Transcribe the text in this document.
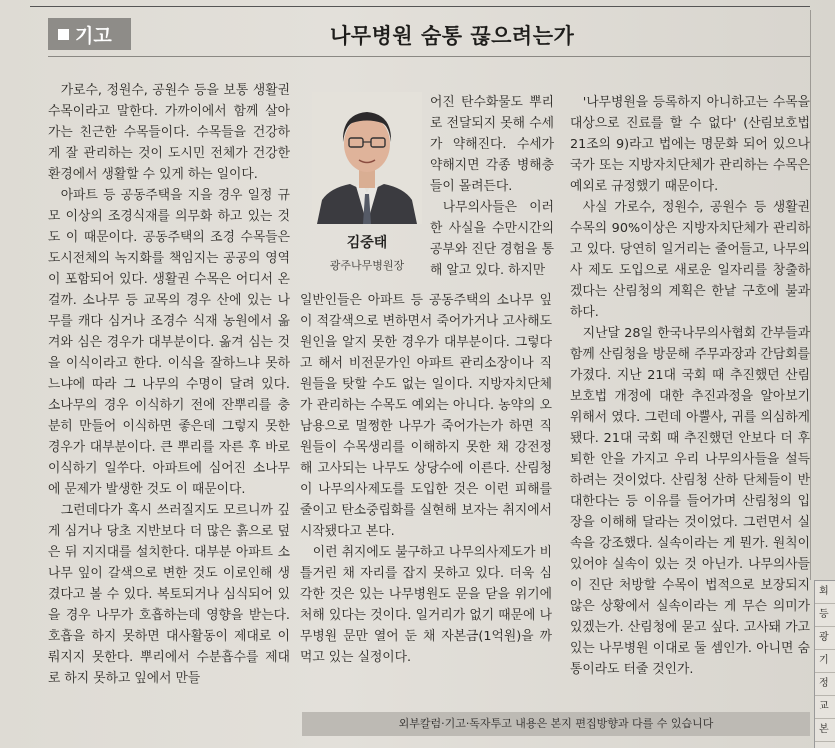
기고	나무병원 숨통 끊으려는가

가로수, 정원수, 공원수 등을 보통 생활권수목이라고 말한다. 가까이에서 함께 살아가는 친근한 수목들이다. 수목들을 건강하게 잘 관리하는 것이 도시민 전체가 건강한 환경에서 생활할 수 있게 하는 일이다.

아파트 등 공동주택을 지을 경우 일정 규모 이상의 조경식재를 의무화 하고 있는 것도 이 때문이다. 공동주택의 조경 수목들은 도시전체의 녹지화를 책임지는 공공의 영역이 포함되어 있다. 생활권 수목은 어디서 온 걸까. 소나무 등 교목의 경우 산에 있는 나무를 캐다 심거나 조경수 식재 농원에서 옮겨와 심은 경우가 대부분이다. 옮겨 심는 것을 이식이라고 한다. 이식을 잘하느냐 못하느냐에 따라 그 나무의 수명이 달려 있다. 소나무의 경우 이식하기 전에 잔뿌리를 충분히 만들어 이식하면 좋은데 그렇지 못한 경우가 대부분이다. 큰 뿌리를 자른 후 바로 이식하기 일쑤다. 아파트에 심어진 소나무에 문제가 발생한 것도 이 때문이다.

그런데다가 혹시 쓰러질지도 모르니까 깊게 심거나 당초 지반보다 더 많은 흙으로 덮은 뒤 지지대를 설치한다. 대부분 아파트 소나무 잎이 갈색으로 변한 것도 이로인해 생겼다고 볼 수 있다. 복토되거나 심식되어 있을 경우 나무가 호흡하는데 영향을 받는다. 호흡을 하지 못하면 대사활동이 제대로 이뤄지지 못한다. 뿌리에서 수분흡수를 제대로 하지 못하고 잎에서 만들

김중태
광주나무병원장

어진 탄수화물도 뿌리로 전달되지 못해 수세가 약해진다. 수세가 약해지면 각종 병해충들이 몰려든다.

나무의사들은 이러한 사실을 수만시간의 공부와 진단 경험을 통해 알고 있다. 하지만

일반인들은 아파트 등 공동주택의 소나무 잎이 적갈색으로 변하면서 죽어가거나 고사해도 원인을 알지 못한 경우가 대부분이다. 그렇다고 해서 비전문가인 아파트 관리소장이나 직원들을 탓할 수도 없는 일이다. 지방자치단체가 관리하는 수목도 예외는 아니다. 농약의 오남용으로 멀쩡한 나무가 죽어가는가 하면 직원들이 수목생리를 이해하지 못한 채 강전정해 고사되는 나무도 상당수에 이른다. 산림청이 나무의사제도를 도입한 것은 이런 피해를 줄이고 탄소중립화를 실현해 보자는 취지에서 시작됐다고 본다.

이런 취지에도 불구하고 나무의사제도가 비틀거린 채 자리를 잡지 못하고 있다. 더욱 심각한 것은 있는 나무병원도 문을 닫을 위기에 처해 있다는 것이다. 일거리가 없기 때문에 나무병원 문만 열어 둔 채 자본금(1억원)을 까먹고 있는 실정이다.

'나무병원을 등록하지 아니하고는 수목을 대상으로 진료를 할 수 없다' (산림보호법 21조의 9)라고 법에는 명문화 되어 있으나 국가 또는 지방자치단체가 관리하는 수목은 예외로 규정했기 때문이다.

사실 가로수, 정원수, 공원수 등 생활권 수목의 90%이상은 지방자치단체가 관리하고 있다. 당연히 일거리는 줄어들고, 나무의사 제도 도입으로 새로운 일자리를 창출하겠다는 산림청의 계획은 한낱 구호에 불과하다.

지난달 28일 한국나무의사협회 간부들과 함께 산림청을 방문해 주무과장과 간담회를 가졌다. 지난 21대 국회 때 추진했던 산림보호법 개정에 대한 추진과정을 알아보기 위해서 였다. 그런데 아뿔사, 귀를 의심하게 됐다. 21대 국회 때 추진했던 안보다 더 후퇴한 안을 가지고 우리 나무의사들을 설득하려는 것이었다. 산림청 산하 단체들이 반대한다는 등 이유를 들어가며 산림청의 입장을 이해해 달라는 것이었다. 그런면서 실속을 강조했다. 실속이라는 게 뭔가. 원칙이 있어야 실속이 있는 것 아닌가. 나무의사들이 진단 처방할 수목이 법적으로 보장되지 않은 상황에서 실속이라는 게 무슨 의미가 있겠는가. 산림청에 묻고 싶다. 고사돼 가고 있는 나무병원 이대로 둘 셈인가. 아니면 숨통이라도 터줄 것인가.

외부칼럼·기고·독자투고 내용은 본지 편집방향과 다를 수 있습니다
회
등
광
기
정
교
본
